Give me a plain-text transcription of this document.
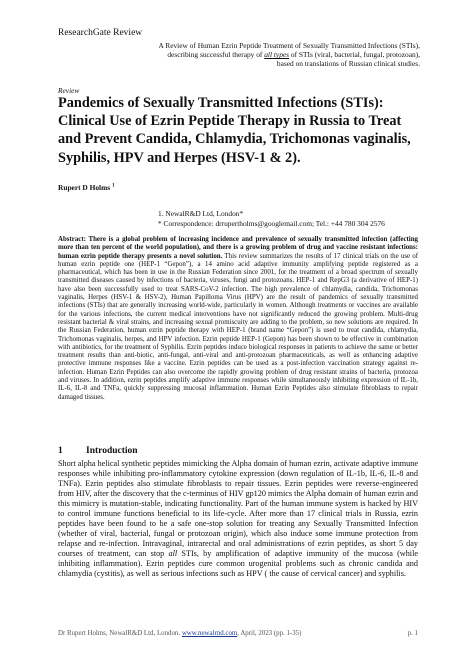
ResearchGate Review
A Review of Human Ezrin Peptide Treatment of Sexually Transmitted Infections (STIs),
describing successful therapy of all types of STIs (viral, bacterial, fungal, protozoan),
based on translations of Russian clinical studies.
Review
Pandemics of Sexually Transmitted Infections (STIs): Clinical Use of Ezrin Peptide Therapy in Russia to Treat and Prevent Candida, Chlamydia, Trichomonas vaginalis, Syphilis, HPV and Herpes (HSV-1 & 2).
Rupert D Holms $^1$
1. NewalR&D Ltd, London*
* Correspondence: drrupertholms@googlemail.com; Tel.: +44 780 304 2576
Abstract: There is a global problem of increasing incidence and prevalence of sexually transmitted infection (affecting more than ten percent of the world population), and there is a growing problem of drug and vaccine resistant infections: human ezrin peptide therapy presents a novel solution. This review summarizes the results of 17 clinical trials on the use of human ezrin peptide one (HEP-1 “Gepon”), a 14 amino acid adaptive immunity amplifying peptide registered as a pharmaceutical, which has been in use in the Russian Federation since 2001, for the treatment of a broad spectrum of sexually transmitted diseases caused by infections of bacteria, viruses, fungi and protozoans. HEP-1 and RepG3 (a derivative of HEP-1) have also been successfully used to treat SARS-CoV-2 infection. The high prevalence of chlamydia, candida, Trichomonas vaginalis, Herpes (HSV-1 & HSV-2), Human Papilloma Virus (HPV) are the result of pandemics of sexually transmitted infections (STIs) that are generally increasing world-wide, particularly in women. Although treatments or vaccines are available for the various infections, the current medical interventions have not significantly reduced the growing problem. Multi-drug resistant bacterial & viral strains, and increasing sexual promiscuity are adding to the problem, so new solutions are required. In the Russian Federation, human ezrin peptide therapy with HEP-1 (brand name “Gepon”) is used to treat candida, chlamydia, Trichomonas vaginalis, herpes, and HPV infection. Ezrin peptide HEP-1 (Gepon) has been shown to be effective in combination with antibiotics, for the treatment of Syphilis. Ezrin peptides induce biological responses in patients to achieve the same or better treatment results than anti-biotic, anti-fungal, anti-viral and anti-protozoan pharmaceuticals, as well as enhancing adaptive protective immune responses like a vaccine. Ezrin peptides can be used as a post-infection vaccination strategy against re-infection. Human Ezrin Peptides can also overcome the rapidly growing problem of drug resistant strains of bacteria, protozoa and viruses. In addition, ezrin peptides amplify adaptive immune responses while simultaneously inhibiting expression of IL-1b, IL-6, IL-8 and TNFa, quickly suppressing mucosal inflammation. Human Ezrin Peptides also stimulate fibroblasts to repair damaged tissues.
1 Introduction
Short alpha helical synthetic peptides mimicking the Alpha domain of human ezrin, activate adaptive immune responses while inhibiting pro-inflammatory cytokine expression (down regulation of IL-1b, IL-6, IL-8 and TNFa). Ezrin peptides also stimulate fibroblasts to repair tissues. Ezrin peptides were reverse-engineered from HIV, after the discovery that the c-terminus of HIV gp120 mimics the Alpha domain of human ezrin and this mimicry is mutation-stable, indicating functionality. Part of the human immune system is hacked by HIV to control immune functions beneficial to its life-cycle. After more than 17 clinical trials in Russia, ezrin peptides have been found to be a safe one-stop solution for treating any Sexually Transmitted Infection (whether of viral, bacterial, fungal or protozoan origin), which also induce some immune protection from relapse and re-infection. Intravaginal, intrarectal and oral administrations of ezrin peptides, as short 5 day courses of treatment, can stop all STIs, by amplification of adaptive immunity of the mucosa (while inhibiting inflammation). Ezrin peptides cure common urogenital problems such as chronic candida and chlamydia (cystitis), as well as serious infections such as HPV ( the cause of cervical cancer) and syphilis.
Dr Rupert Holms, NewalR&D Ltd, London. www.newalrnd.com, April, 2023 (pp. 1-35)	p. 1
